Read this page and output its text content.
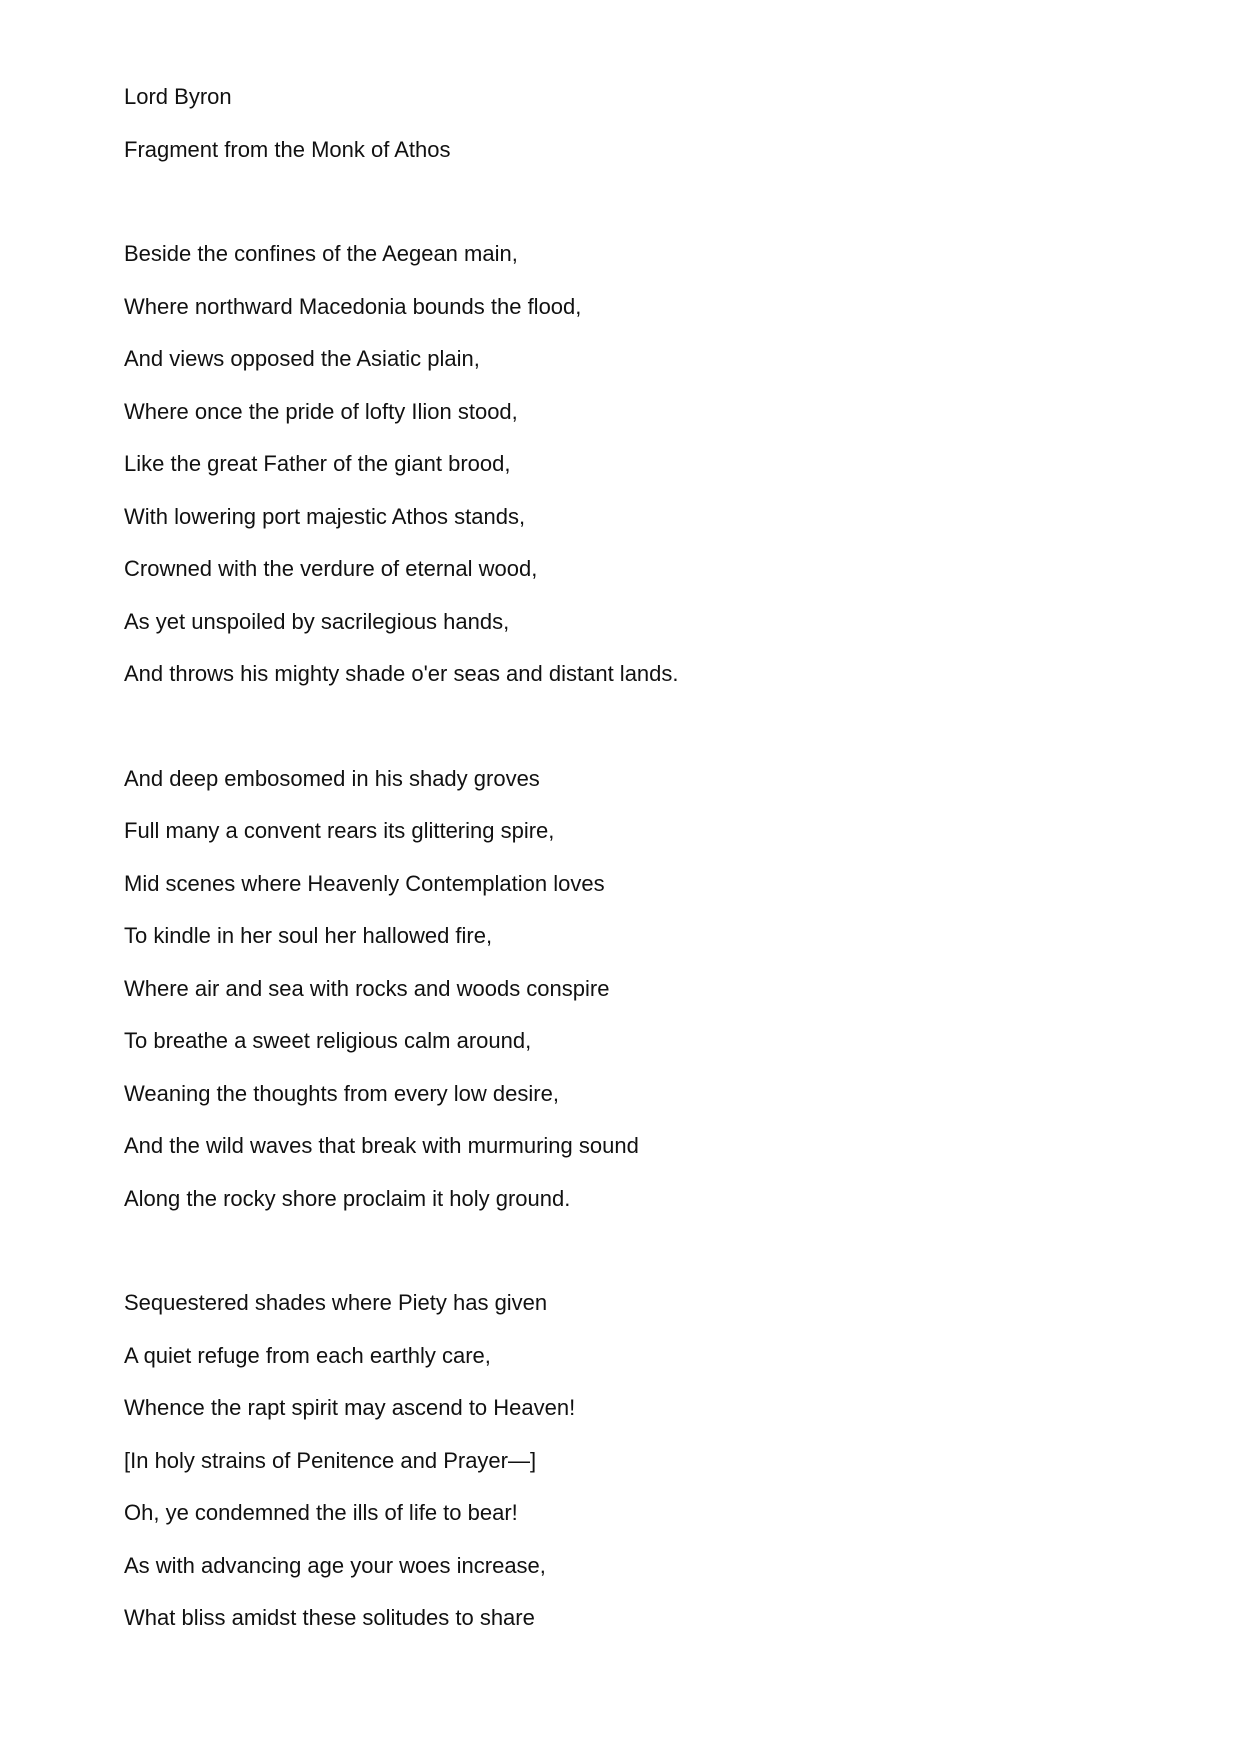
Lord Byron
Fragment from the Monk of Athos
Beside the confines of the Aegean main,
Where northward Macedonia bounds the flood,
And views opposed the Asiatic plain,
Where once the pride of lofty Ilion stood,
Like the great Father of the giant brood,
With lowering port majestic Athos stands,
Crowned with the verdure of eternal wood,
As yet unspoiled by sacrilegious hands,
And throws his mighty shade o'er seas and distant lands.
And deep embosomed in his shady groves
Full many a convent rears its glittering spire,
Mid scenes where Heavenly Contemplation loves
To kindle in her soul her hallowed fire,
Where air and sea with rocks and woods conspire
To breathe a sweet religious calm around,
Weaning the thoughts from every low desire,
And the wild waves that break with murmuring sound
Along the rocky shore proclaim it holy ground.
Sequestered shades where Piety has given
A quiet refuge from each earthly care,
Whence the rapt spirit may ascend to Heaven!
[In holy strains of Penitence and Prayer—]
Oh, ye condemned the ills of life to bear!
As with advancing age your woes increase,
What bliss amidst these solitudes to share
